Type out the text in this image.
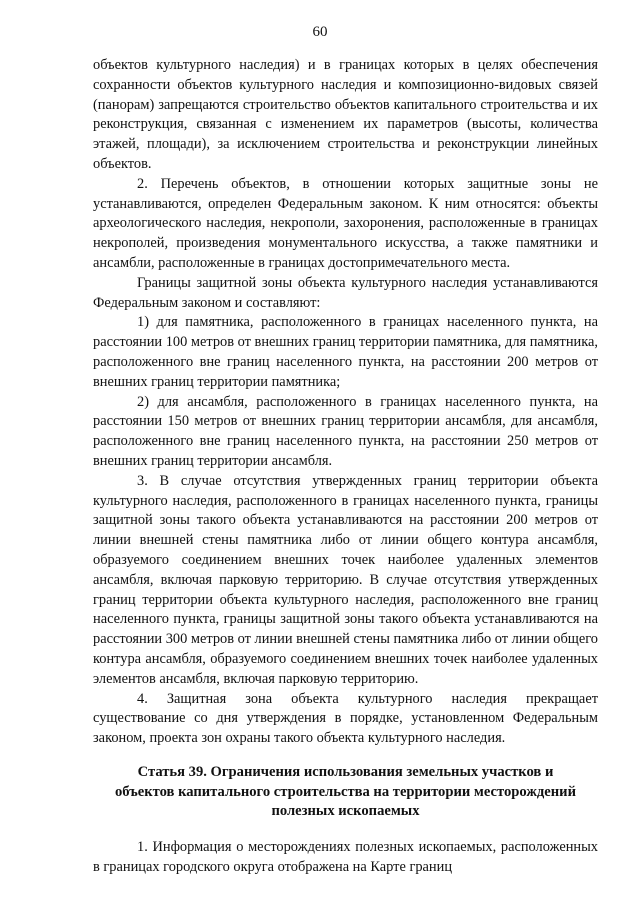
60

объектов культурного наследия) и в границах которых в целях обеспечения сохранности объектов культурного наследия и композиционно-видовых связей (панорам) запрещаются строительство объектов капитального строительства и их реконструкция, связанная с изменением их параметров (высоты, количества этажей, площади), за исключением строительства и реконструкции линейных объектов.

2. Перечень объектов, в отношении которых защитные зоны не устанавливаются, определен Федеральным законом. К ним относятся: объекты археологического наследия, некрополи, захоронения, расположенные в границах некрополей, произведения монументального искусства, а также памятники и ансамбли, расположенные в границах достопримечательного места.

Границы защитной зоны объекта культурного наследия устанавливаются Федеральным законом и составляют:

1) для памятника, расположенного в границах населенного пункта, на расстоянии 100 метров от внешних границ территории памятника, для памятника, расположенного вне границ населенного пункта, на расстоянии 200 метров от внешних границ территории памятника;

2) для ансамбля, расположенного в границах населенного пункта, на расстоянии 150 метров от внешних границ территории ансамбля, для ансамбля, расположенного вне границ населенного пункта, на расстоянии 250 метров от внешних границ территории ансамбля.

3. В случае отсутствия утвержденных границ территории объекта культурного наследия, расположенного в границах населенного пункта, границы защитной зоны такого объекта устанавливаются на расстоянии 200 метров от линии внешней стены памятника либо от линии общего контура ансамбля, образуемого соединением внешних точек наиболее удаленных элементов ансамбля, включая парковую территорию. В случае отсутствия утвержденных границ территории объекта культурного наследия, расположенного вне границ населенного пункта, границы защитной зоны такого объекта устанавливаются на расстоянии 300 метров от линии внешней стены памятника либо от линии общего контура ансамбля, образуемого соединением внешних точек наиболее удаленных элементов ансамбля, включая парковую территорию.

4. Защитная зона объекта культурного наследия прекращает существование со дня утверждения в порядке, установленном Федеральным законом, проекта зон охраны такого объекта культурного наследия.

Статья 39. Ограничения использования земельных участков и объектов капитального строительства на территории месторождений полезных ископаемых

1. Информация о месторождениях полезных ископаемых, расположенных в границах городского округа отображена на Карте границ
